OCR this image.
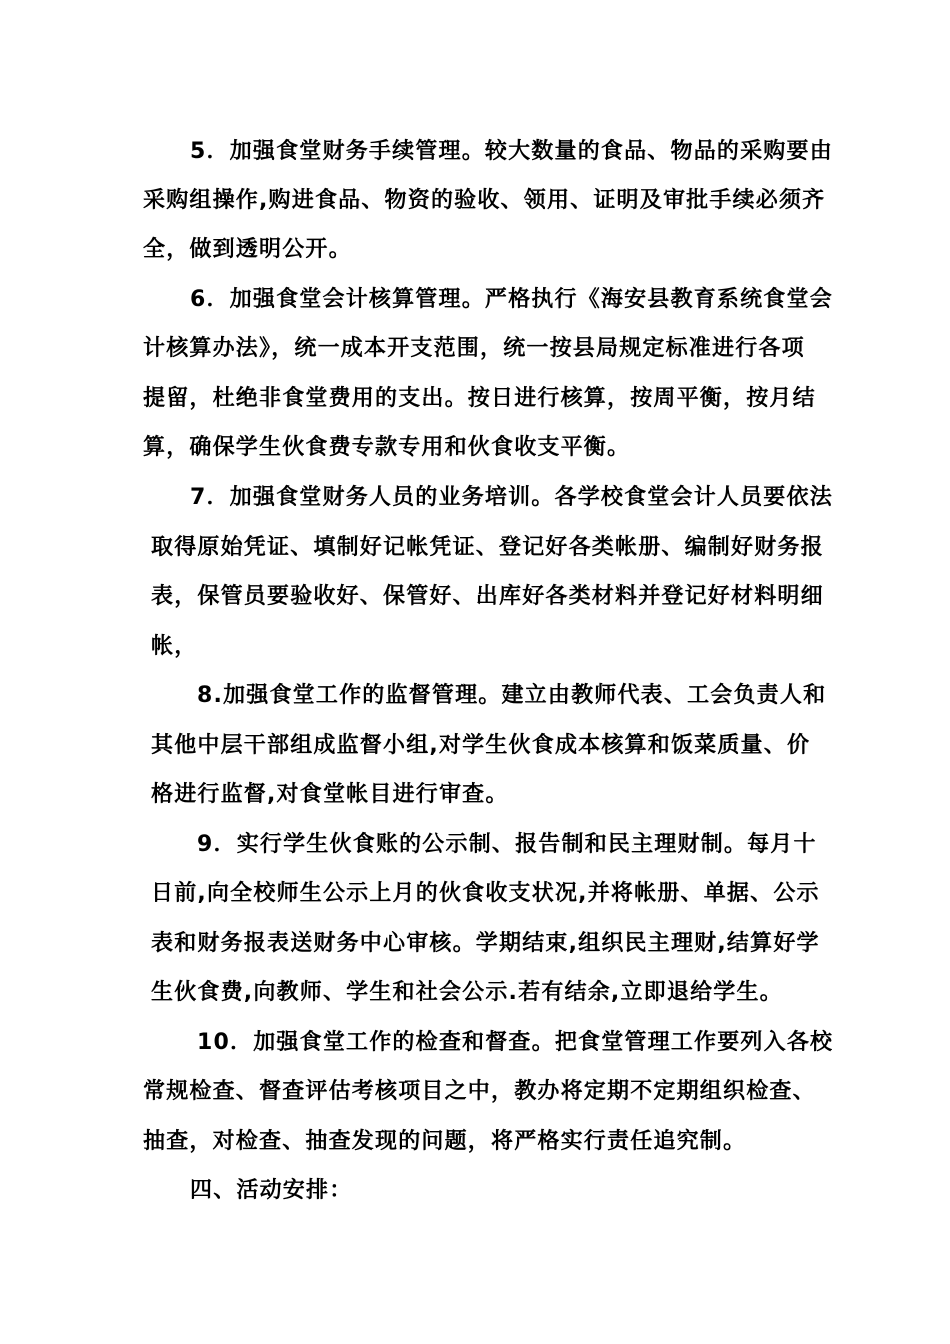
5．加强食堂财务手续管理。较大数量的食品、物品的采购要由

采购组操作,购进食品、物资的验收、领用、证明及审批手续必须齐

全，做到透明公开。

6．加强食堂会计核算管理。严格执行《海安县教育系统食堂会

计核算办法》，统一成本开支范围，统一按县局规定标准进行各项

提留，杜绝非食堂费用的支出。按日进行核算，按周平衡，按月结

算，确保学生伙食费专款专用和伙食收支平衡。

7．加强食堂财务人员的业务培训。各学校食堂会计人员要依法

取得原始凭证、填制好记帐凭证、登记好各类帐册、编制好财务报

表，保管员要验收好、保管好、出库好各类材料并登记好材料明细

帐，

8.加强食堂工作的监督管理。建立由教师代表、工会负责人和

其他中层干部组成监督小组,对学生伙食成本核算和饭菜质量、价

格进行监督,对食堂帐目进行审查。

9．实行学生伙食账的公示制、报告制和民主理财制。每月十

日前,向全校师生公示上月的伙食收支状况,并将帐册、单据、公示

表和财务报表送财务中心审核。学期结束,组织民主理财,结算好学

生伙食费,向教师、学生和社会公示.若有结余,立即退给学生。

10．加强食堂工作的检查和督查。把食堂管理工作要列入各校

常规检查、督查评估考核项目之中，教办将定期不定期组织检查、

抽查，对检查、抽查发现的问题，将严格实行责任追究制。

四、活动安排：
